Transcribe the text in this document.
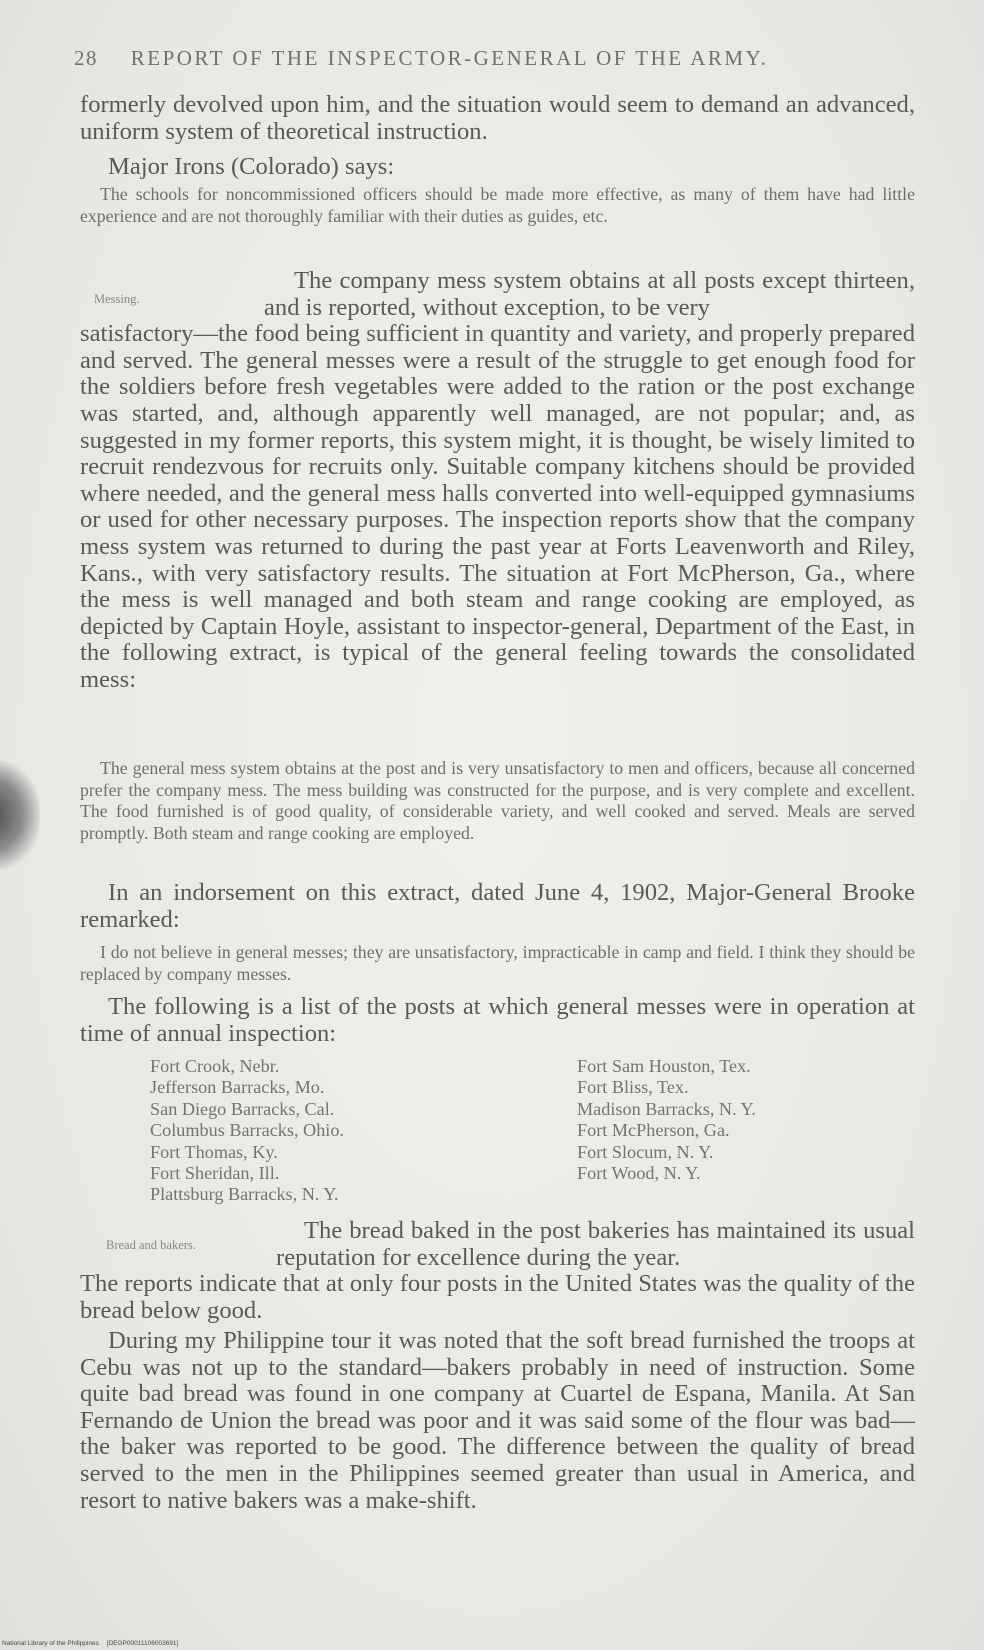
28 REPORT OF THE INSPECTOR-GENERAL OF THE ARMY.

formerly devolved upon him, and the situation would seem to demand an advanced, uniform system of theoretical instruction.

Major Irons (Colorado) says:

The schools for noncommissioned officers should be made more effective, as many of them have had little experience and are not thoroughly familiar with their duties as guides, etc.

Messing.

The company mess system obtains at all posts except thirteen, and is reported, without exception, to be very

satisfactory—the food being sufficient in quantity and variety, and properly prepared and served. The general messes were a result of the struggle to get enough food for the soldiers before fresh vegetables were added to the ration or the post exchange was started, and, although apparently well managed, are not popular; and, as suggested in my former reports, this system might, it is thought, be wisely limited to recruit rendezvous for recruits only. Suitable company kitchens should be provided where needed, and the general mess halls converted into well-equipped gymnasiums or used for other necessary purposes. The inspection reports show that the company mess system was returned to during the past year at Forts Leavenworth and Riley, Kans., with very satisfactory results. The situation at Fort McPherson, Ga., where the mess is well managed and both steam and range cooking are employed, as depicted by Captain Hoyle, assistant to inspector-general, Department of the East, in the following extract, is typical of the general feeling towards the consolidated mess:

The general mess system obtains at the post and is very unsatisfactory to men and officers, because all concerned prefer the company mess. The mess building was constructed for the purpose, and is very complete and excellent. The food furnished is of good quality, of considerable variety, and well cooked and served. Meals are served promptly. Both steam and range cooking are employed.

In an indorsement on this extract, dated June 4, 1902, Major-General Brooke remarked:

I do not believe in general messes; they are unsatisfactory, impracticable in camp and field. I think they should be replaced by company messes.

The following is a list of the posts at which general messes were in operation at time of annual inspection:

Fort Crook, Nebr.
Jefferson Barracks, Mo.
San Diego Barracks, Cal.
Columbus Barracks, Ohio.
Fort Thomas, Ky.
Fort Sheridan, Ill.
Plattsburg Barracks, N. Y.
Fort Sam Houston, Tex.
Fort Bliss, Tex.
Madison Barracks, N. Y.
Fort McPherson, Ga.
Fort Slocum, N. Y.
Fort Wood, N. Y.
Bread and bakers.

The bread baked in the post bakeries has maintained its usual reputation for excellence during the year.

The reports indicate that at only four posts in the United States was the quality of the bread below good.

During my Philippine tour it was noted that the soft bread furnished the troops at Cebu was not up to the standard—bakers probably in need of instruction. Some quite bad bread was found in one company at Cuartel de Espana, Manila. At San Fernando de Union the bread was poor and it was said some of the flour was bad—the baker was reported to be good. The difference between the quality of bread served to the men in the Philippines seemed greater than usual in America, and resort to native bakers was a make-shift.

National Library of the Philippines [DEGP00011106003691]
